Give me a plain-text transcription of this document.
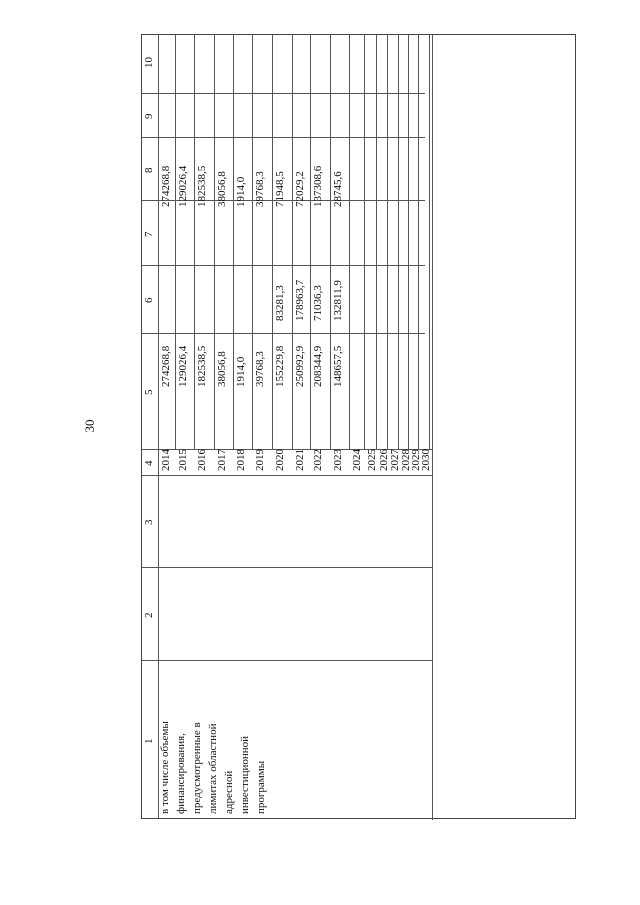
30
10
9
8
7
6
5
4
3
2
1
2014
274268,8
274268,8
2015
129026,4
129026,4
2016
182538,5
182538,5
2017
38056,8
38056,8
2018
1914,0
1914,0
2019
39768,3
39768,3
2020
155229,8
83281,3
71948,5
2021
250992,9
178963,7
72029,2
2022
208344,9
71036,3
137308,6
2023
148657,5
132811,9
28745,6
2024 2025 2026 2027 2028
2029
2030
в том числе объемы финансирования, предусмотренные в лимитах областной адресной инвестиционной программы
